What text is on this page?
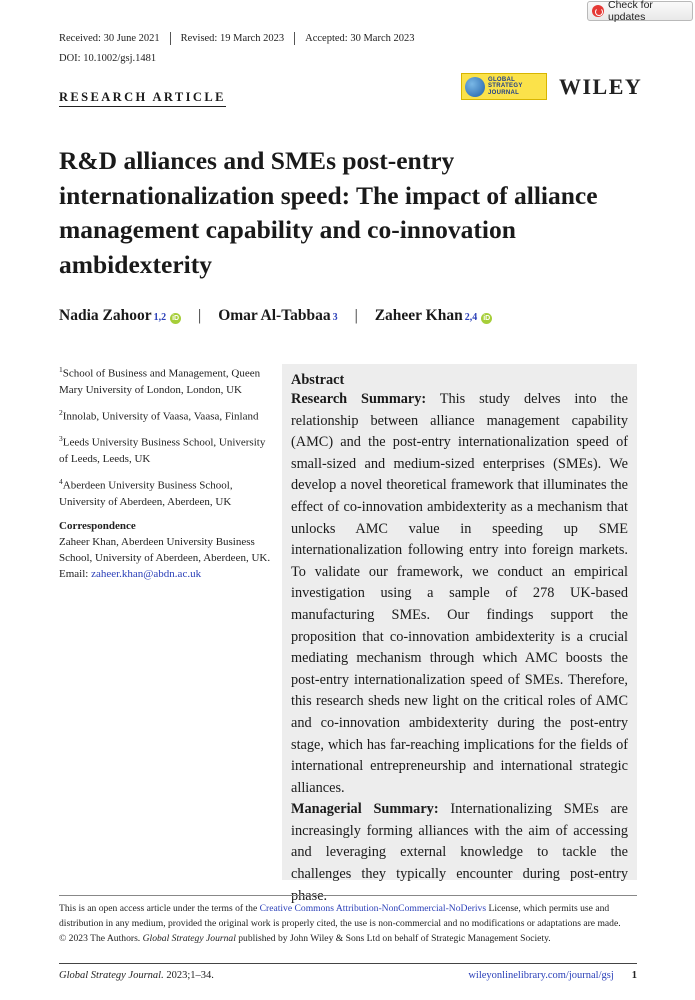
Check for updates
Received: 30 June 2021	Revised: 19 March 2023	Accepted: 30 March 2023
DOI: 10.1002/gsj.1481
RESEARCH ARTICLE
GLOBAL
STRATEGY
JOURNAL WILEY
R&D alliances and SMEs post-entry internationalization speed: The impact of alliance management capability and co-innovation ambidexterity
Nadia Zahoor 1,2 iD | Omar Al-Tabbaa 3 | Zaheer Khan 2,4 iD
$^1$School of Business and Management, Queen Mary University of London, London, UK
$^2$Innolab, University of Vaasa, Vaasa, Finland
$^3$Leeds University Business School, University of Leeds, Leeds, UK
$^4$Aberdeen University Business School, University of Aberdeen, Aberdeen, UK
Correspondence
Zaheer Khan, Aberdeen University Business School, University of Aberdeen, Aberdeen, UK.
Email: zaheer.khan@abdn.ac.uk
Abstract

Research Summary: This study delves into the relationship between alliance management capability (AMC) and the post-entry internationalization speed of small-sized and medium-sized enterprises (SMEs). We develop a novel theoretical framework that illuminates the effect of co-innovation ambidexterity as a mechanism that unlocks AMC value in speeding up SME internationalization following entry into foreign markets. To validate our framework, we conduct an empirical investigation using a sample of 278 UK-based manufacturing SMEs. Our findings support the proposition that co-innovation ambidexterity is a crucial mediating mechanism through which AMC boosts the post-entry internationalization speed of SMEs. Therefore, this research sheds new light on the critical roles of AMC and co-innovation ambidexterity during the post-entry stage, which has far-reaching implications for the fields of international entrepreneurship and international strategic alliances.

Managerial Summary: Internationalizing SMEs are increasingly forming alliances with the aim of accessing and leveraging external knowledge to tackle the challenges they typically encounter during post-entry phase.

This is an open access article under the terms of the Creative Commons Attribution-NonCommercial-NoDerivs License, which permits use and distribution in any medium, provided the original work is properly cited, the use is non-commercial and no modifications or adaptations are made.
© 2023 The Authors. Global Strategy Journal published by John Wiley & Sons Ltd on behalf of Strategic Management Society.
Global Strategy Journal. 2023;1–34.	wileyonlinelibrary.com/journal/gsj 1
